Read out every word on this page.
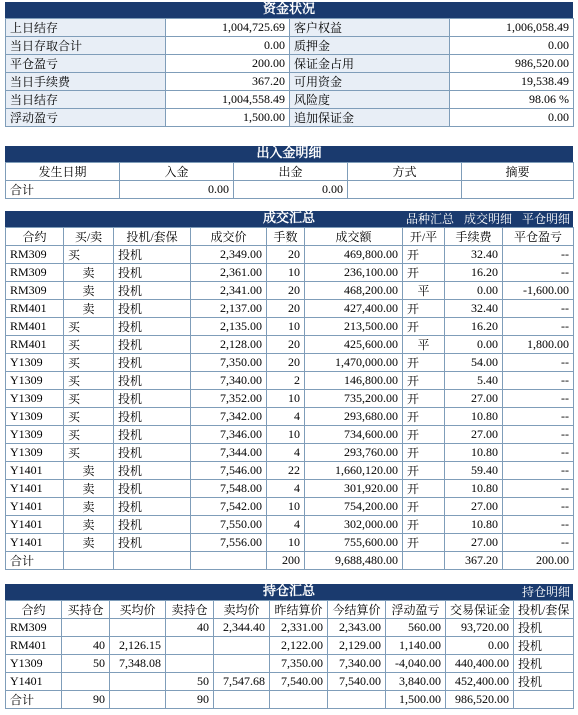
资金状况
上日结存	1,004,725.69	客户权益	1,006,058.49
当日存取合计	0.00	质押金	0.00
平仓盈亏	200.00	保证金占用	986,520.00
当日手续费	367.20	可用资金	19,538.49
当日结存	1,004,558.49	风险度	98.06 %
浮动盈亏	1,500.00	追加保证金	0.00
出入金明细
发生日期	入金	出金	方式	摘要
合计	0.00	0.00		
成交汇总	品种汇总 成交明细 平仓明细
合约	买/卖	投机/套保	成交价	手数	成交额	开/平	手续费	平仓盈亏
RM309	买	投机	2,349.00	20	469,800.00	开	32.40	--
RM309	卖	投机	2,361.00	10	236,100.00	开	16.20	--
RM309	卖	投机	2,341.00	20	468,200.00	平	0.00	-1,600.00
RM401	卖	投机	2,137.00	20	427,400.00	开	32.40	--
RM401	买	投机	2,135.00	10	213,500.00	开	16.20	--
RM401	买	投机	2,128.00	20	425,600.00	平	0.00	1,800.00
Y1309	买	投机	7,350.00	20	1,470,000.00	开	54.00	--
Y1309	买	投机	7,340.00	2	146,800.00	开	5.40	--
Y1309	买	投机	7,352.00	10	735,200.00	开	27.00	--
Y1309	买	投机	7,342.00	4	293,680.00	开	10.80	--
Y1309	买	投机	7,346.00	10	734,600.00	开	27.00	--
Y1309	买	投机	7,344.00	4	293,760.00	开	10.80	--
Y1401	卖	投机	7,546.00	22	1,660,120.00	开	59.40	--
Y1401	卖	投机	7,548.00	4	301,920.00	开	10.80	--
Y1401	卖	投机	7,542.00	10	754,200.00	开	27.00	--
Y1401	卖	投机	7,550.00	4	302,000.00	开	10.80	--
Y1401	卖	投机	7,556.00	10	755,600.00	开	27.00	--
合计				200	9,688,480.00		367.20	200.00
持仓汇总	持仓明细
合约	买持仓	买均价	卖持仓	卖均价	昨结算价	今结算价	浮动盈亏	交易保证金	投机/套保
RM309			40	2,344.40	2,331.00	2,343.00	560.00	93,720.00	投机
RM401	40	2,126.15			2,122.00	2,129.00	1,140.00	0.00	投机
Y1309	50	7,348.08			7,350.00	7,340.00	-4,040.00	440,400.00	投机
Y1401			50	7,547.68	7,540.00	7,540.00	3,840.00	452,400.00	投机
合计	90		90				1,500.00	986,520.00	
